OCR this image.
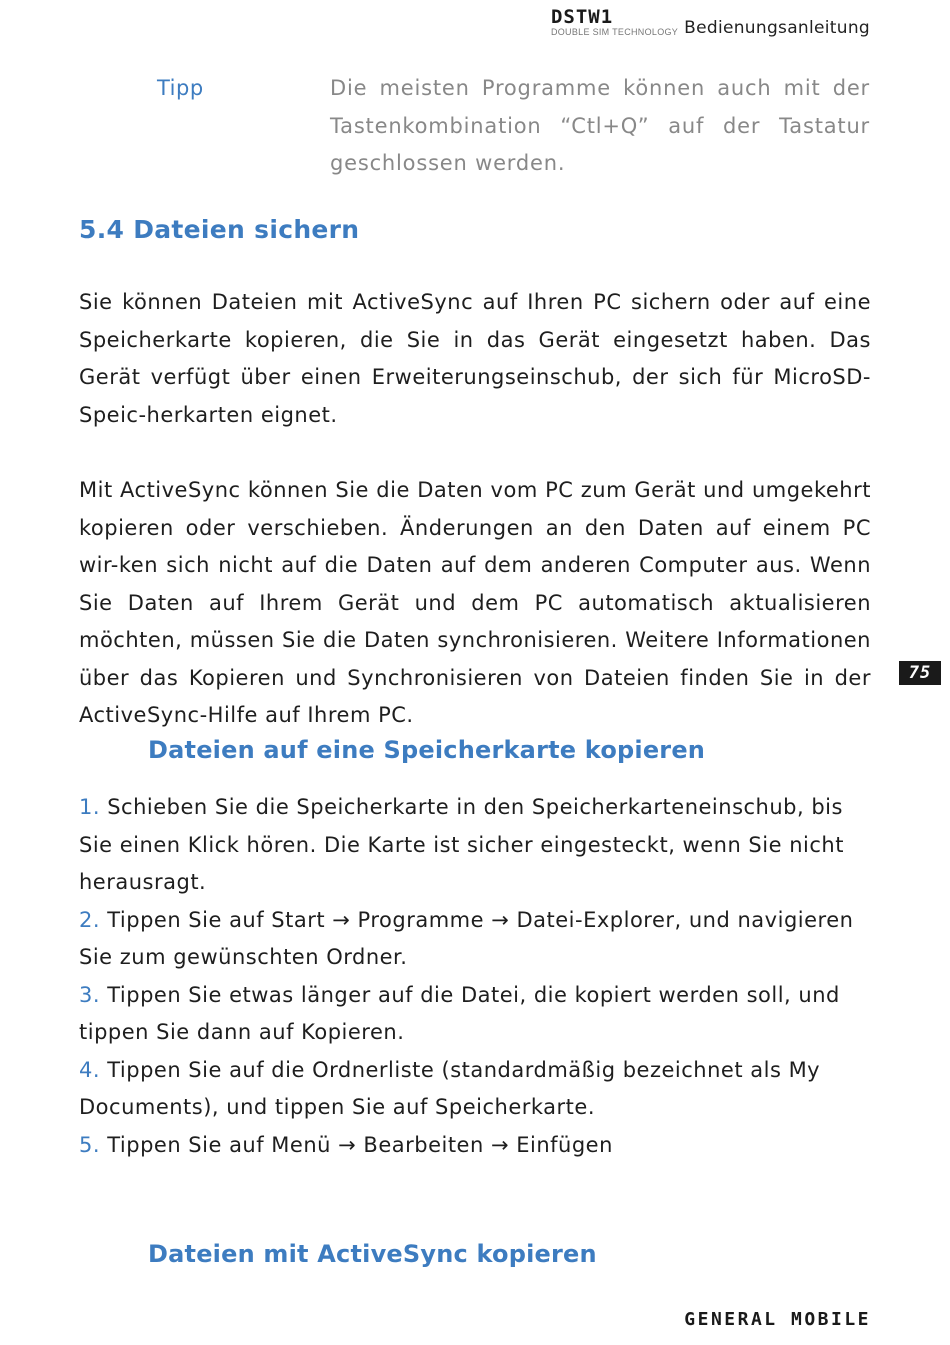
DSTW1
DOUBLE SIM TECHNOLOGY Bedienungsanleitung
Tipp	Die meisten Programme können auch mit der Tastenkombination “Ctl+Q” auf der Tastatur geschlossen werden.
5.4 Dateien sichern
Sie können Dateien mit ActiveSync auf Ihren PC sichern oder auf eine Speicherkarte kopieren, die Sie in das Gerät eingesetzt haben. Das Gerät verfügt über einen Erweiterungseinschub, der sich für MicroSD-Speic-herkarten eignet.
Mit ActiveSync können Sie die Daten vom PC zum Gerät und umgekehrt kopieren oder verschieben. Änderungen an den Daten auf einem PC wir-ken sich nicht auf die Daten auf dem anderen Computer aus. Wenn Sie Daten auf Ihrem Gerät und dem PC automatisch aktualisieren möchten, müssen Sie die Daten synchronisieren. Weitere Informationen über das Kopieren und Synchronisieren von Dateien finden Sie in der ActiveSync-Hilfe auf Ihrem PC.
Dateien auf eine Speicherkarte kopieren
1. Schieben Sie die Speicherkarte in den Speicherkarteneinschub, bis Sie einen Klick hören. Die Karte ist sicher eingesteckt, wenn Sie nicht herausragt.
2. Tippen Sie auf Start → Programme → Datei-Explorer, und navigieren Sie zum gewünschten Ordner.
3. Tippen Sie etwas länger auf die Datei, die kopiert werden soll, und tippen Sie dann auf Kopieren.
4. Tippen Sie auf die Ordnerliste (standardmäßig bezeichnet als My Documents), und tippen Sie auf Speicherkarte.
5. Tippen Sie auf Menü → Bearbeiten → Einfügen
Dateien mit ActiveSync kopieren
75
GENERAL MOBILE
